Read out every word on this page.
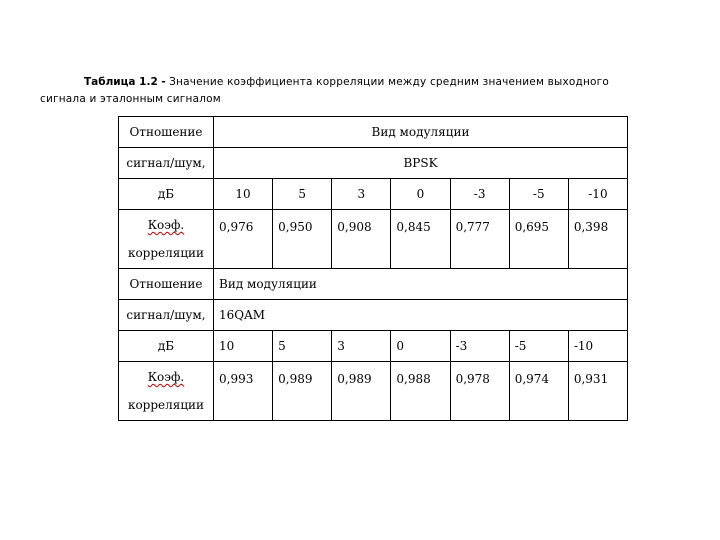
Таблица 1.2 - Значение коэффициента корреляции между средним значением выходного
сигнала и эталонным сигналом
Отношение	Вид модуляции						
сигнал/шум,	BPSK						
дБ	10	5	3	0	-3	-5	-10

Коэф.
корреляции	0,976	0,950	0,908	0,845	0,777	0,695	0,398
Отношение	Вид модуляции						
сигнал/шум,	16QAM						
дБ	10	5	3	0	-3	-5	-10

Коэф.
корреляции	0,993	0,989	0,989	0,988	0,978	0,974	0,931
